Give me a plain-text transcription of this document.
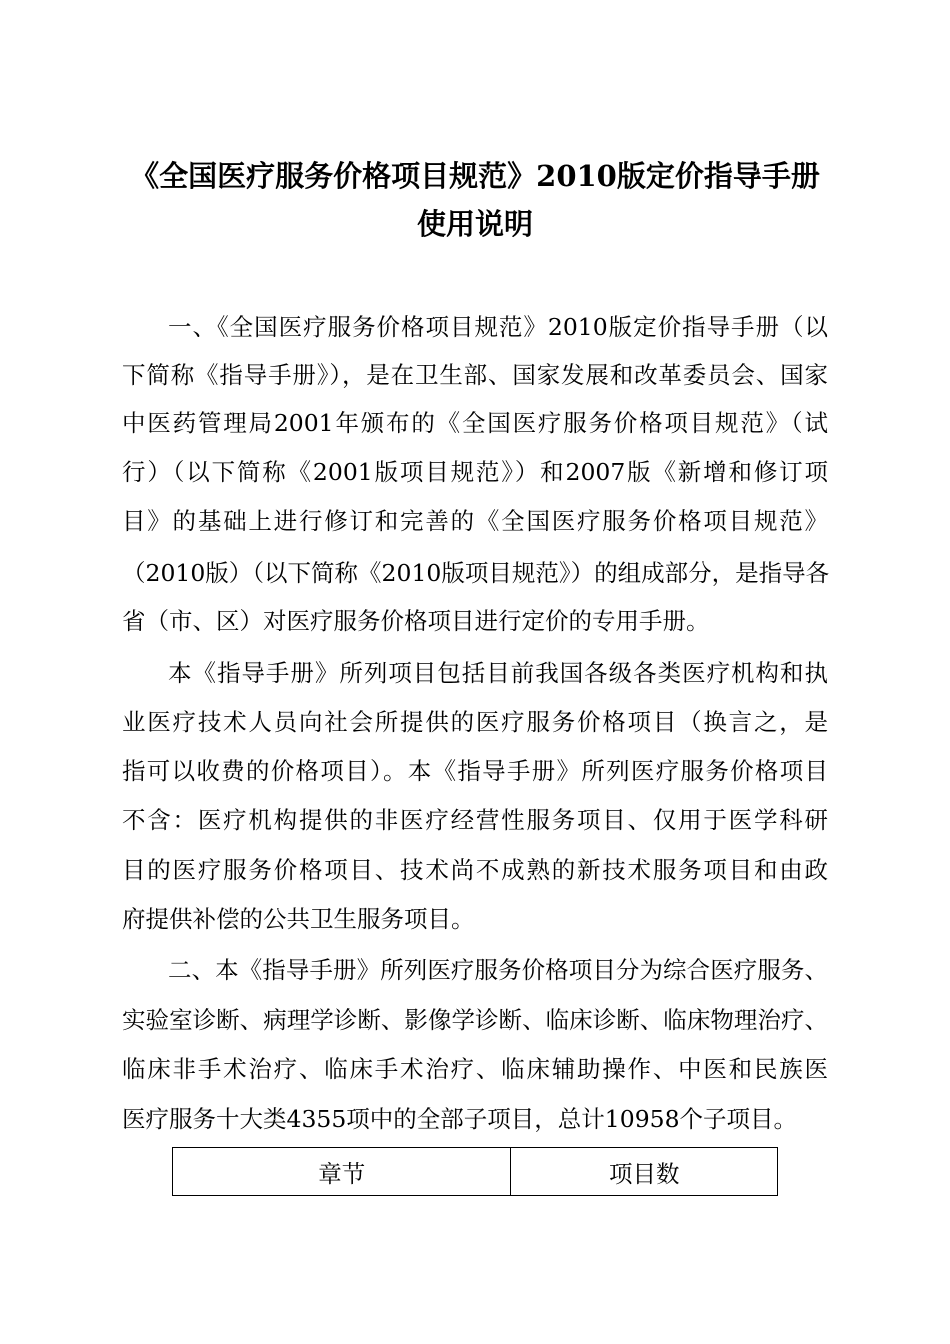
《全国医疗服务价格项目规范》2010版定价指导手册
使用说明
一、《全国医疗服务价格项目规范》2010版定价指导手册（以
下简称《指导手册》），是在卫生部、国家发展和改革委员会、国家
中医药管理局2001年颁布的《全国医疗服务价格项目规范》（试
行）（以下简称《2001版项目规范》）和2007版《新增和修订项
目》的基础上进行修订和完善的《全国医疗服务价格项目规范》
（2010版）（以下简称《2010版项目规范》）的组成部分，是指导各
省（市、区）对医疗服务价格项目进行定价的专用手册。
本《指导手册》所列项目包括目前我国各级各类医疗机构和执
业医疗技术人员向社会所提供的医疗服务价格项目（换言之，是
指可以收费的价格项目）。本《指导手册》所列医疗服务价格项目
不含：医疗机构提供的非医疗经营性服务项目、仅用于医学科研
目的医疗服务价格项目、技术尚不成熟的新技术服务项目和由政
府提供补偿的公共卫生服务项目。
二、本《指导手册》所列医疗服务价格项目分为综合医疗服务、
实验室诊断、病理学诊断、影像学诊断、临床诊断、临床物理治疗、
临床非手术治疗、临床手术治疗、临床辅助操作、中医和民族医
医疗服务十大类4355项中的全部子项目，总计10958个子项目。
章节	项目数
